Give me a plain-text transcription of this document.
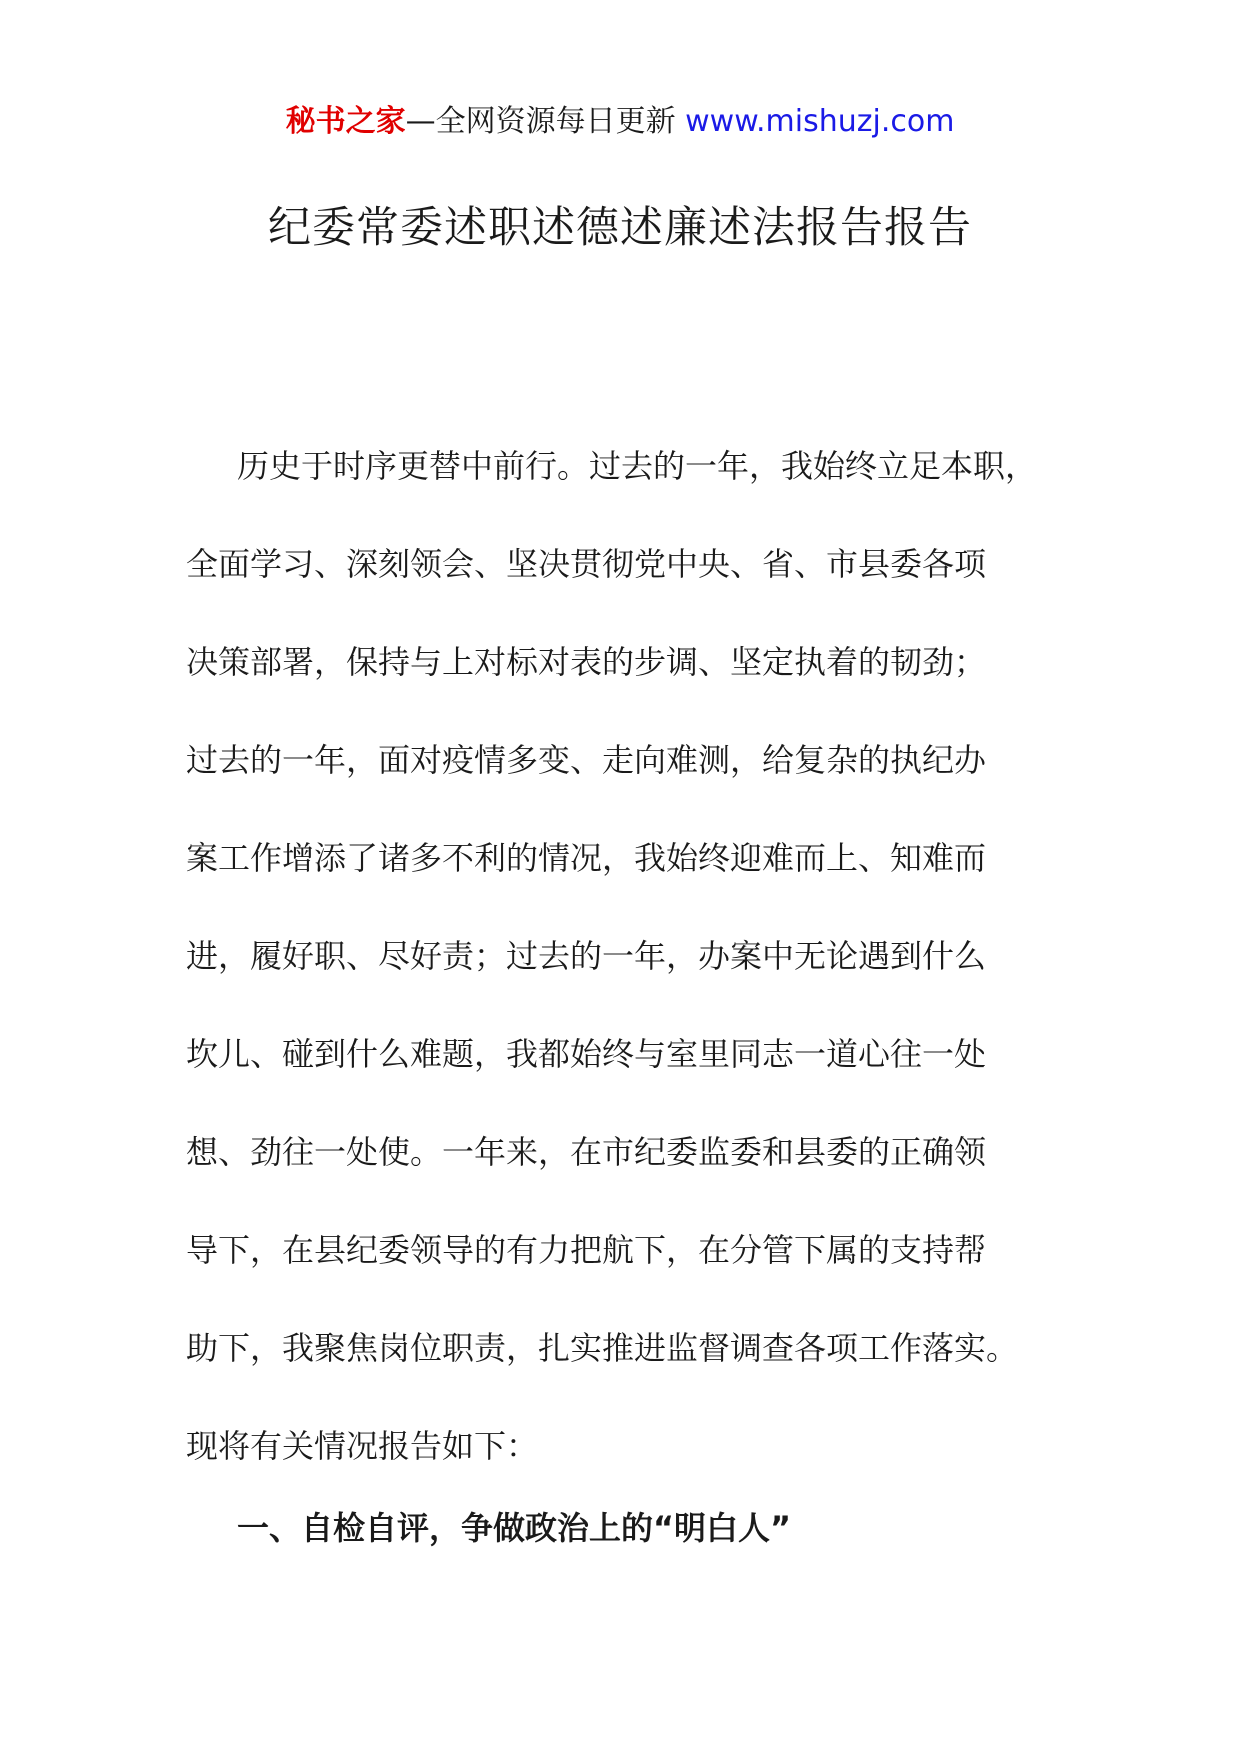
秘书之家—全网资源每日更新 www.mishuzj.com
纪委常委述职述德述廉述法报告报告
历史于时序更替中前行。过去的一年，我始终立足本职，
全面学习、深刻领会、坚决贯彻党中央、省、市县委各项
决策部署，保持与上对标对表的步调、坚定执着的韧劲；
过去的一年，面对疫情多变、走向难测，给复杂的执纪办
案工作增添了诸多不利的情况，我始终迎难而上、知难而
进，履好职、尽好责；过去的一年，办案中无论遇到什么
坎儿、碰到什么难题，我都始终与室里同志一道心往一处
想、劲往一处使。一年来，在市纪委监委和县委的正确领
导下，在县纪委领导的有力把航下，在分管下属的支持帮
助下，我聚焦岗位职责，扎实推进监督调查各项工作落实。
现将有关情况报告如下：
一、自检自评，争做政治上的“明白人”
